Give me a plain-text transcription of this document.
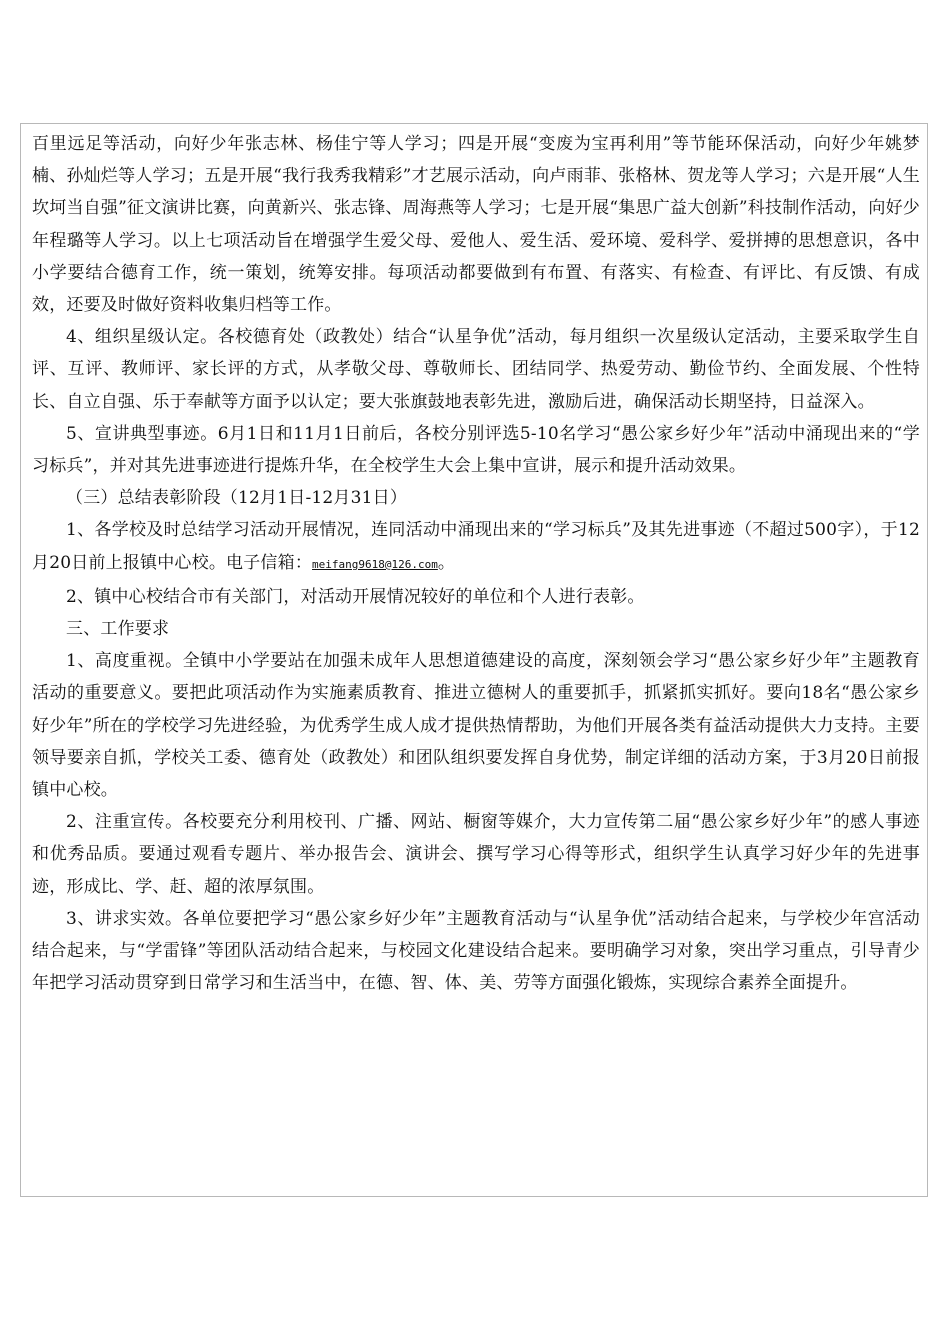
百里远足等活动，向好少年张志林、杨佳宁等人学习；四是开展“变废为宝再利用”等节能环保活动，向好少年姚梦楠、孙灿烂等人学习；五是开展“我行我秀我精彩”才艺展示活动，向卢雨菲、张格林、贺龙等人学习；六是开展“人生坎坷当自强”征文演讲比赛，向黄新兴、张志锋、周海燕等人学习；七是开展“集思广益大创新”科技制作活动，向好少年程璐等人学习。以上七项活动旨在增强学生爱父母、爱他人、爱生活、爱环境、爱科学、爱拼搏的思想意识，各中小学要结合德育工作，统一策划，统筹安排。每项活动都要做到有布置、有落实、有检查、有评比、有反馈、有成效，还要及时做好资料收集归档等工作。

4、组织星级认定。各校德育处（政教处）结合“认星争优”活动，每月组织一次星级认定活动，主要采取学生自评、互评、教师评、家长评的方式，从孝敬父母、尊敬师长、团结同学、热爱劳动、勤俭节约、全面发展、个性特长、自立自强、乐于奉献等方面予以认定；要大张旗鼓地表彰先进，激励后进，确保活动长期坚持，日益深入。

5、宣讲典型事迹。6月1日和11月1日前后，各校分别评选5-10名学习“愚公家乡好少年”活动中涌现出来的“学习标兵”，并对其先进事迹进行提炼升华，在全校学生大会上集中宣讲，展示和提升活动效果。

（三）总结表彰阶段（12月1日-12月31日）

1、各学校及时总结学习活动开展情况，连同活动中涌现出来的“学习标兵”及其先进事迹（不超过500字），于12月20日前上报镇中心校。电子信箱：meifang9618@126.com。

2、镇中心校结合市有关部门，对活动开展情况较好的单位和个人进行表彰。

三、工作要求

1、高度重视。全镇中小学要站在加强未成年人思想道德建设的高度，深刻领会学习“愚公家乡好少年”主题教育活动的重要意义。要把此项活动作为实施素质教育、推进立德树人的重要抓手，抓紧抓实抓好。要向18名“愚公家乡好少年”所在的学校学习先进经验，为优秀学生成人成才提供热情帮助，为他们开展各类有益活动提供大力支持。主要领导要亲自抓，学校关工委、德育处（政教处）和团队组织要发挥自身优势，制定详细的活动方案，于3月20日前报镇中心校。

2、注重宣传。各校要充分利用校刊、广播、网站、橱窗等媒介，大力宣传第二届“愚公家乡好少年”的感人事迹和优秀品质。要通过观看专题片、举办报告会、演讲会、撰写学习心得等形式，组织学生认真学习好少年的先进事迹，形成比、学、赶、超的浓厚氛围。

3、讲求实效。各单位要把学习“愚公家乡好少年”主题教育活动与“认星争优”活动结合起来，与学校少年宫活动结合起来，与“学雷锋”等团队活动结合起来，与校园文化建设结合起来。要明确学习对象，突出学习重点，引导青少年把学习活动贯穿到日常学习和生活当中，在德、智、体、美、劳等方面强化锻炼，实现综合素养全面提升。
